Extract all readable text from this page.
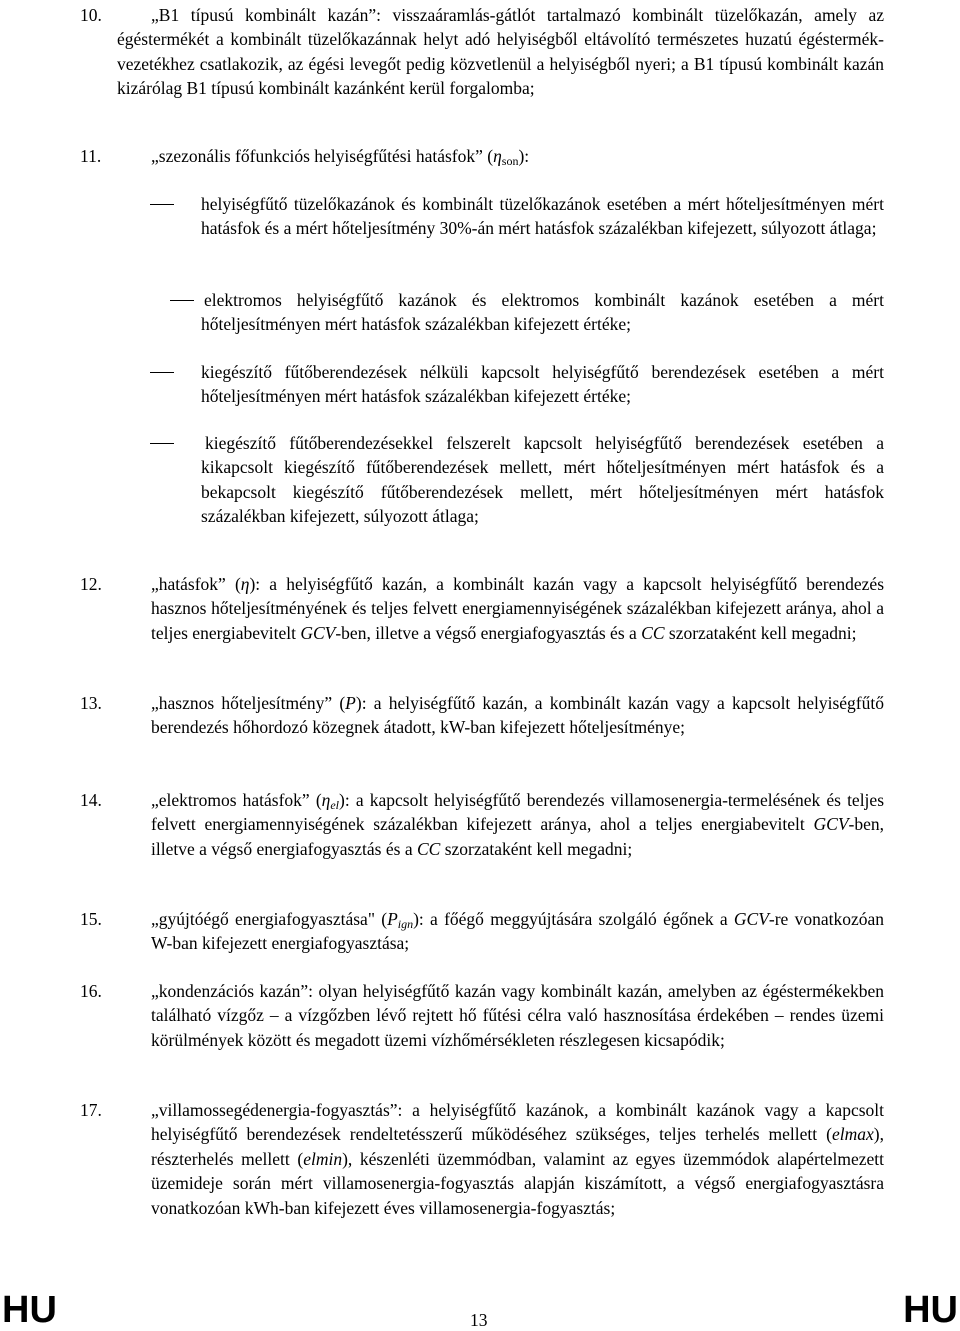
10.	„B1 típusú kombinált kazán”: visszaáramlás-gátlót tartalmazó kombinált tüzelőkazán, amely az égéstermékét a kombinált tüzelőkazánnak helyt adó helyiségből eltávolító természetes huzatú égéstermék-vezetékhez csatlakozik, az égési levegőt pedig közvetlenül a helyiségből nyeri; a B1 típusú kombinált kazán kizárólag B1 típusú kombinált kazánként kerül forgalomba;
11.	„szezonális főfunkciós helyiségfűtési hatásfok” $(\eta_{son})$:
helyiségfűtő tüzelőkazánok és kombinált tüzelőkazánok esetében a mért hőteljesítményen mért hatásfok és a mért hőteljesítmény 30%-án mért hatásfok százalékban kifejezett, súlyozott átlaga;
elektromos helyiségfűtő kazánok és elektromos kombinált kazánok esetében a mért hőteljesítményen mért hatásfok százalékban kifejezett értéke;
kiegészítő fűtőberendezések nélküli kapcsolt helyiségfűtő berendezések esetében a mért hőteljesítményen mért hatásfok százalékban kifejezett értéke;
kiegészítő fűtőberendezésekkel felszerelt kapcsolt helyiségfűtő berendezések esetében a kikapcsolt kiegészítő fűtőberendezések mellett, mért hőteljesítményen mért hatásfok és a bekapcsolt kiegészítő fűtőberendezések mellett, mért hőteljesítményen mért hatásfok százalékban kifejezett, súlyozott átlaga;
12.	„hatásfok” (η): a helyiségfűtő kazán, a kombinált kazán vagy a kapcsolt helyiségfűtő berendezés hasznos hőteljesítményének és teljes felvett energiamennyiségének százalékban kifejezett aránya, ahol a teljes energiabevitelt GCV-ben, illetve a végső energiafogyasztás és a CC szorzataként kell megadni;
13.	„hasznos hőteljesítmény” (P): a helyiségfűtő kazán, a kombinált kazán vagy a kapcsolt helyiségfűtő berendezés hőhordozó közegnek átadott, kW-ban kifejezett hőteljesítménye;
14.	„elektromos hatásfok” $(\eta_{el})$: a kapcsolt helyiségfűtő berendezés villamosenergia-termelésének és teljes felvett energiamennyiségének százalékban kifejezett aránya, ahol a teljes energiabevitelt GCV-ben, illetve a végső energiafogyasztás és a CC szorzataként kell megadni;
15.	„gyújtóégő energiafogyasztása" $(P_{ign})$: a főégő meggyújtására szolgáló égőnek a GCV-re vonatkozóan W-ban kifejezett energiafogyasztása;
16.	„kondenzációs kazán”: olyan helyiségfűtő kazán vagy kombinált kazán, amelyben az égéstermékekben található vízgőz – a vízgőzben lévő rejtett hő fűtési célra való hasznosítása érdekében – rendes üzemi körülmények között és megadott üzemi vízhőmérsékleten részlegesen kicsapódik;
17.	„villamossegédenergia-fogyasztás”: a helyiségfűtő kazánok, a kombinált kazánok vagy a kapcsolt helyiségfűtő berendezések rendeltetésszerű működéséhez szükséges, teljes terhelés mellett (elmax), részterhelés mellett (elmin), készenléti üzemmódban, valamint az egyes üzemmódok alapértelmezett üzemideje során mért villamosenergia-fogyasztás alapján kiszámított, a végső energiafogyasztásra vonatkozóan kWh-ban kifejezett éves villamosenergia-fogyasztás;
HU	13	HU
